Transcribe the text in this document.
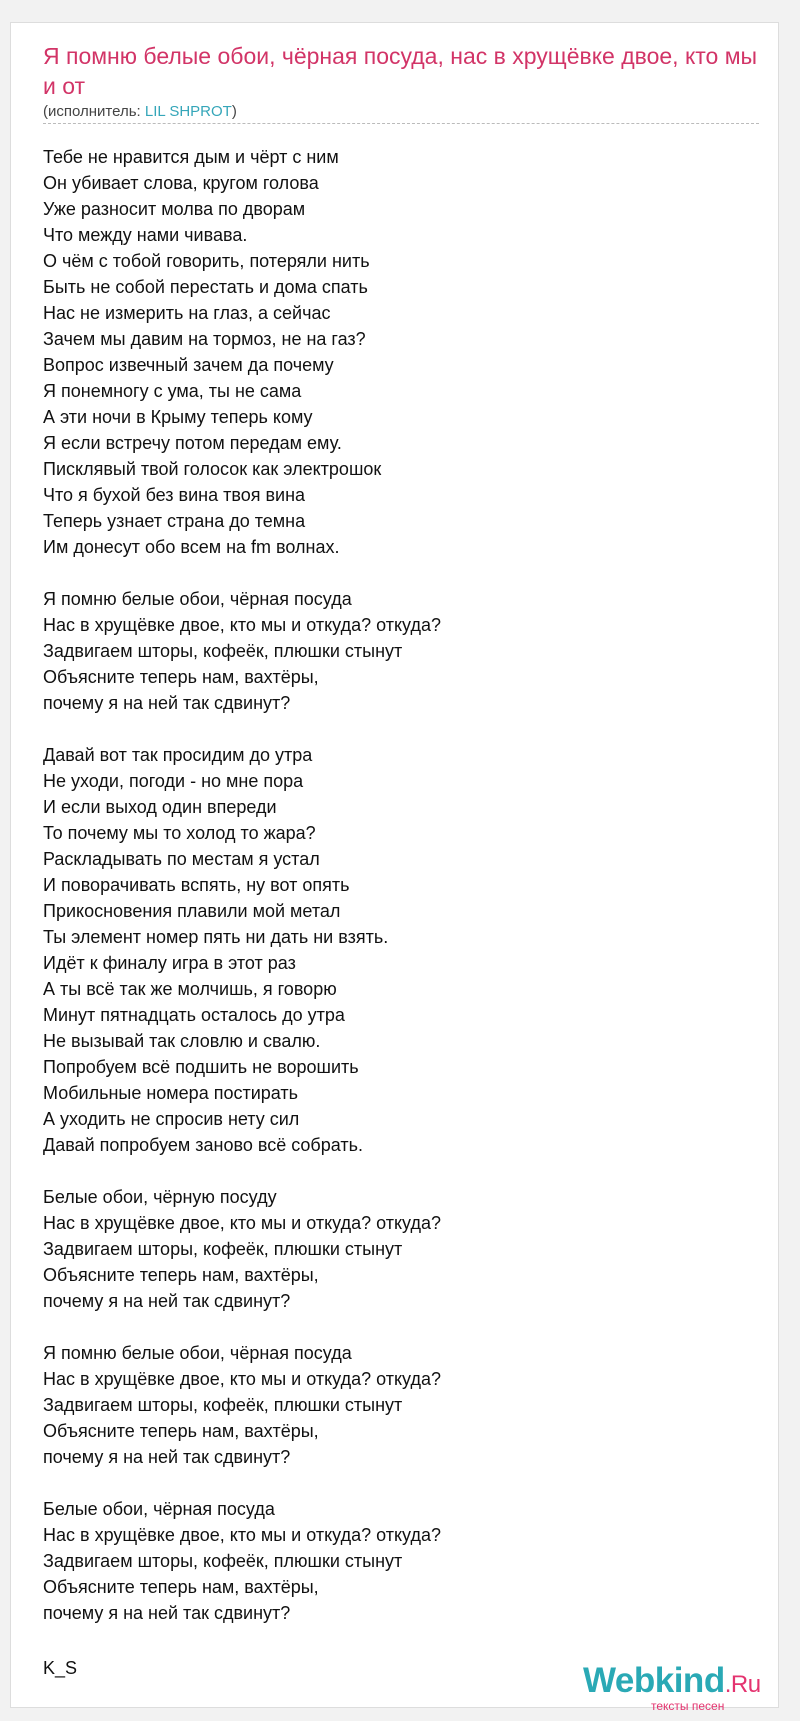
Я помню белые обои, чёрная посуда, нас в хрущёвке двое, кто мы и от
(исполнитель: LIL SHPROT)
Тебе не нравится дым и чёрт с ним
Он убивает слова, кругом голова
Уже разносит молва по дворам
Что между нами чивава.
О чём с тобой говорить, потеряли нить
Быть не собой перестать и дома спать
Нас не измерить на глаз, а сейчас
Зачем мы давим на тормоз, не на газ?
Вопрос извечный зачем да почему
Я понемногу с ума, ты не сама
А эти ночи в Крыму теперь кому
Я если встречу потом передам ему.
Писклявый твой голосок как электрошок
Что я бухой без вина твоя вина
Теперь узнает страна до темна
Им донесут обо всем на fm волнах.
Я помню белые обои, чёрная посуда
Нас в хрущёвке двое, кто мы и откуда? откуда?
Задвигаем шторы, кофеёк, плюшки стынут
Объясните теперь нам, вахтёры,
почему я на ней так сдвинут?
Давай вот так просидим до утра
Не уходи, погоди - но мне пора
И если выход один впереди
То почему мы то холод то жара?
Раскладывать по местам я устал
И поворачивать вспять, ну вот опять
Прикосновения плавили мой метал
Ты элемент номер пять ни дать ни взять.
Идёт к финалу игра в этот раз
А ты всё так же молчишь, я говорю
Минут пятнадцать осталось до утра
Не вызывай так словлю и свалю.
Попробуем всё подшить не ворошить
Мобильные номера постирать
А уходить не спросив нету сил
Давай попробуем заново всё собрать.
Белые обои, чёрную посуду
Нас в хрущёвке двое, кто мы и откуда? откуда?
Задвигаем шторы, кофеёк, плюшки стынут
Объясните теперь нам, вахтёры,
почему я на ней так сдвинут?
Я помню белые обои, чёрная посуда
Нас в хрущёвке двое, кто мы и откуда? откуда?
Задвигаем шторы, кофеёк, плюшки стынут
Объясните теперь нам, вахтёры,
почему я на ней так сдвинут?
Белые обои, чёрная посуда
Нас в хрущёвке двое, кто мы и откуда? откуда?
Задвигаем шторы, кофеёк, плюшки стынут
Объясните теперь нам, вахтёры,
почему я на ней так сдвинут?
K_S	Webkind.Ru
тексты песен
